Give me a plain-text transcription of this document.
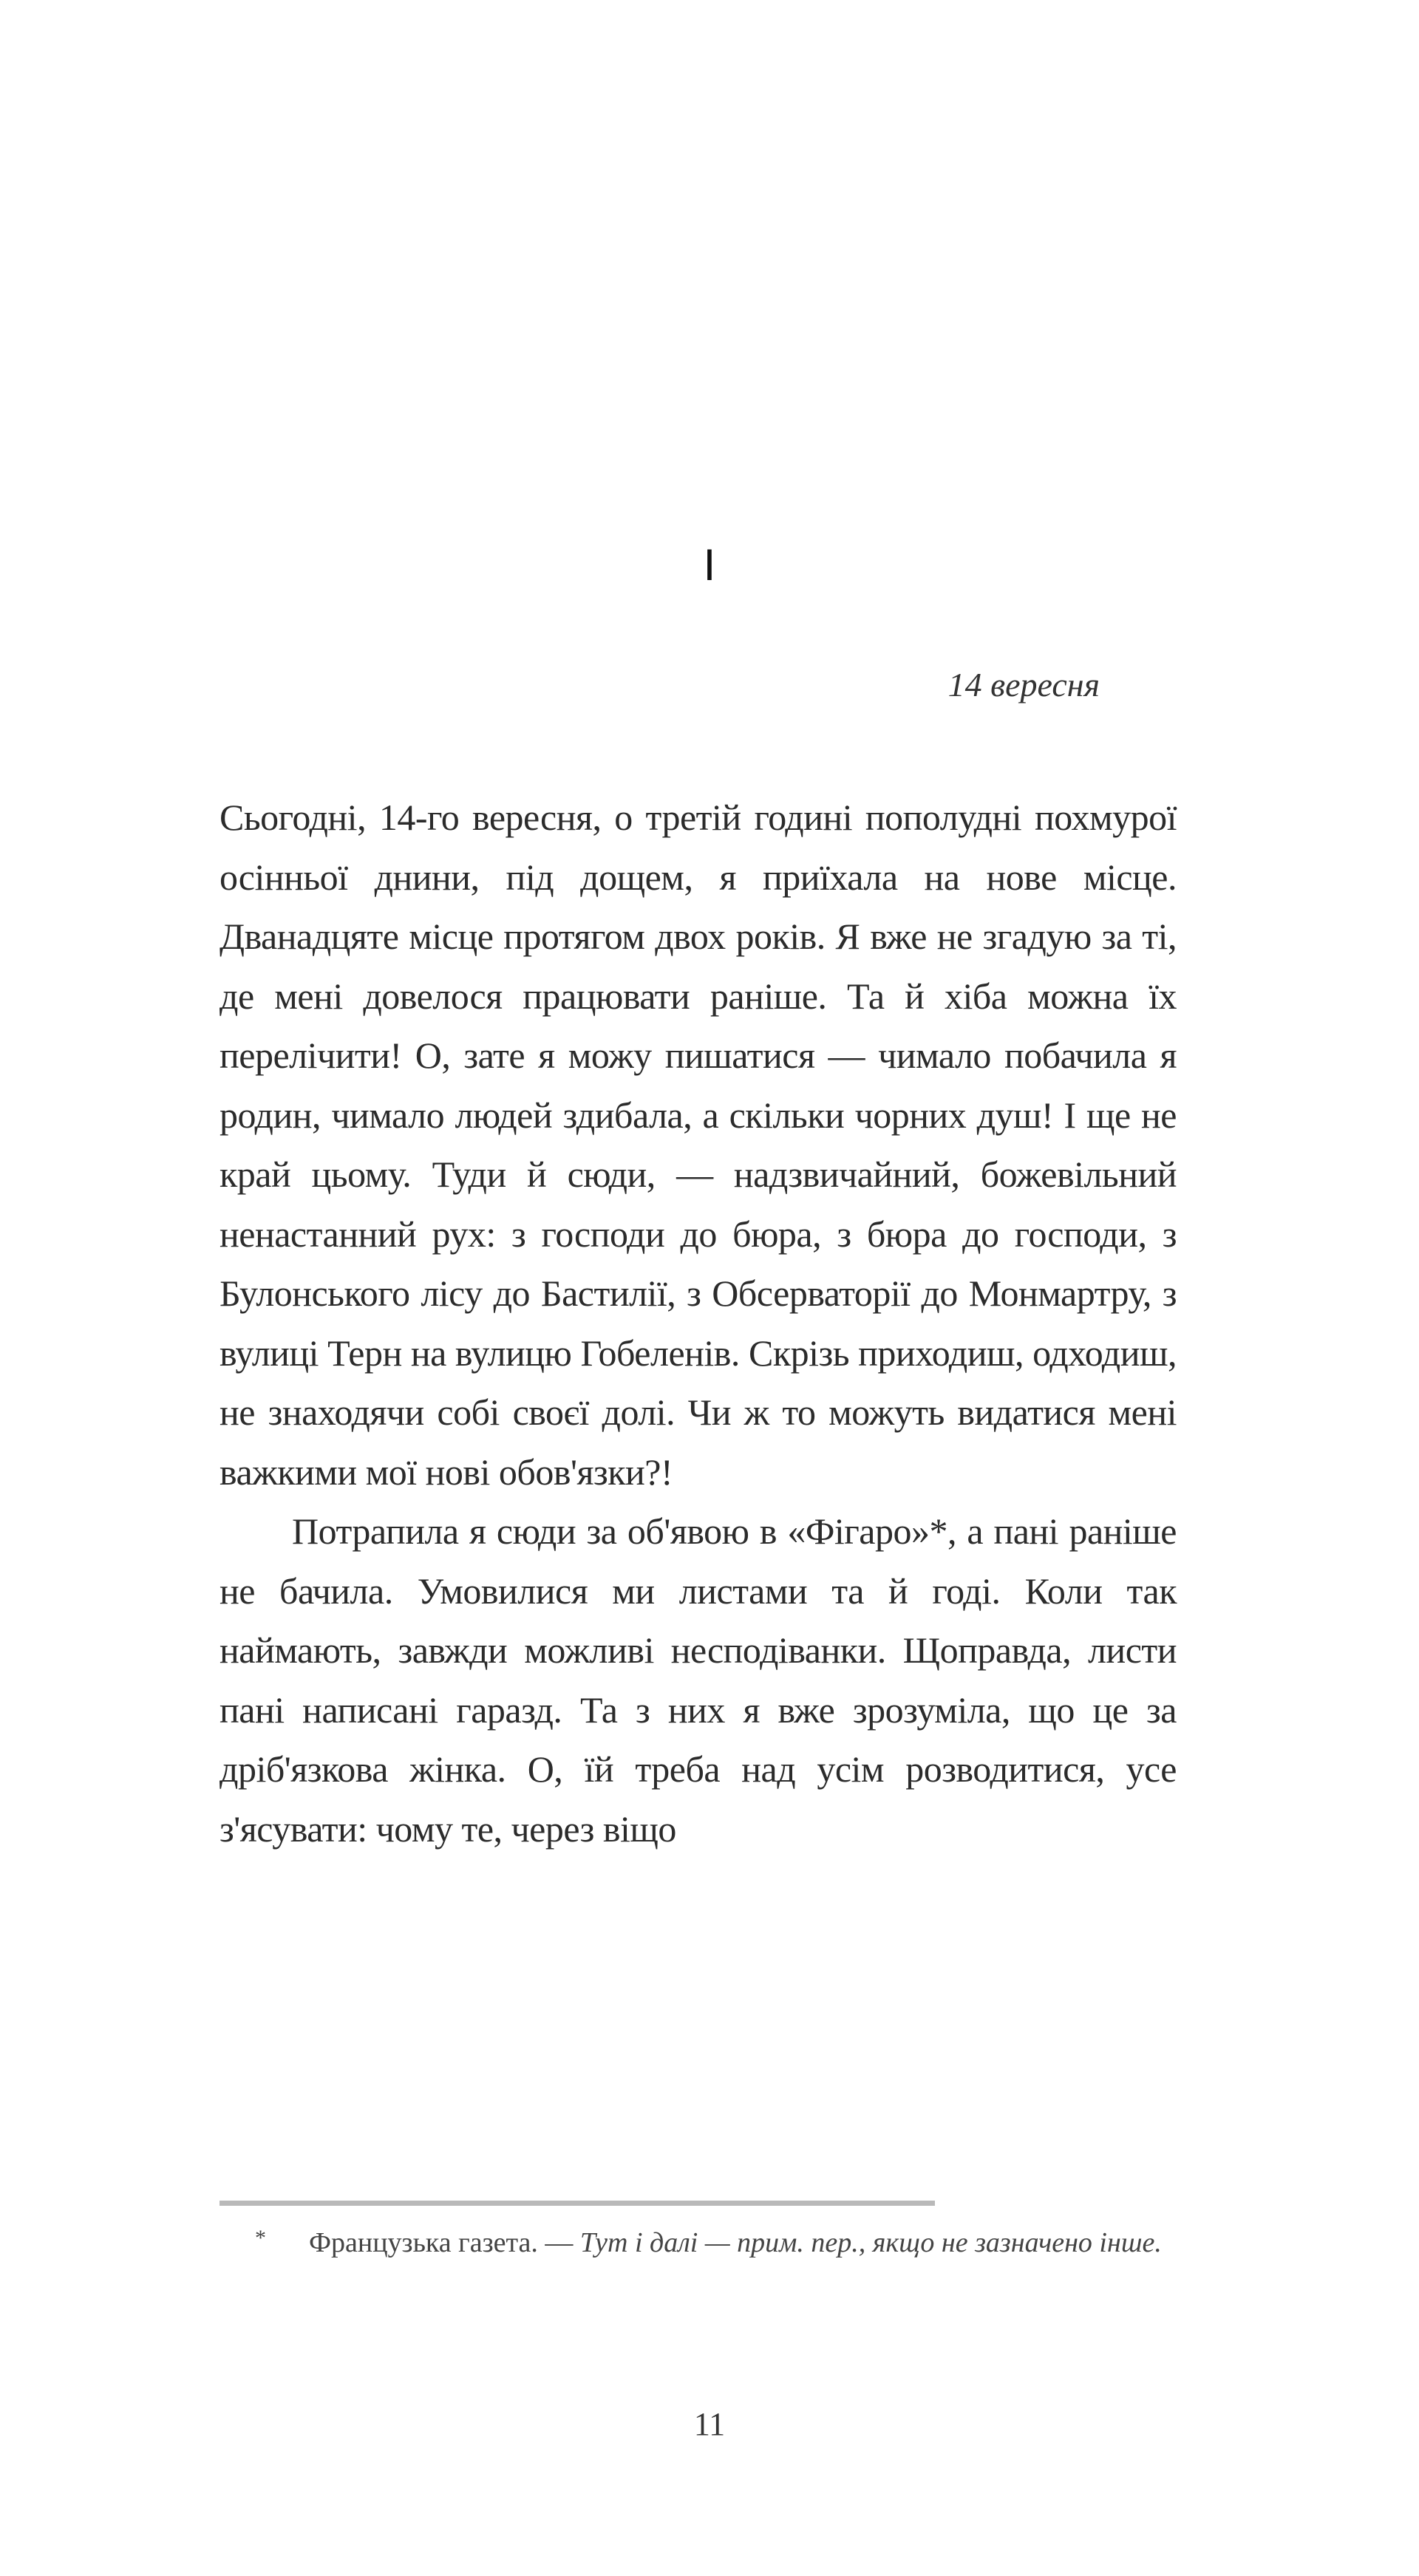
I
14 вересня

Сьогодні, 14-го вересня, о третій годині пополудні похмурої осінньої днини, під дощем, я приїхала на нове місце. Дванадцяте місце протягом двох років. Я вже не згадую за ті, де мені довелося працювати раніше. Та й хіба можна їх перелічити! О, зате я можу пишатися — чимало побачила я родин, чимало людей здибала, а скільки чорних душ! І ще не край цьому. Туди й сюди, — надзвичайний, божевільний ненастанний рух: з господи до бюра, з бюра до господи, з Булонського лісу до Бастилії, з Обсерваторії до Монмартру, з вулиці Терн на вулицю Гобеленів. Скрізь приходиш, одходиш, не знаходячи собі своєї долі. Чи ж то можуть видатися мені важкими мої нові обов'язки?!

Потрапила я сюди за об'явою в «Фігаро»*, а пані раніше не бачила. Умовилися ми листами та й годі. Коли так наймають, завжди можливі несподіванки. Щоправда, листи пані написані гаразд. Та з них я вже зрозуміла, що це за дріб'язкова жінка. О, їй треба над усім розводитися, усе з'ясувати: чому те, через віщо

* Французька газета. — Тут і далі — прим. пер., якщо не зазначено інше.
11
